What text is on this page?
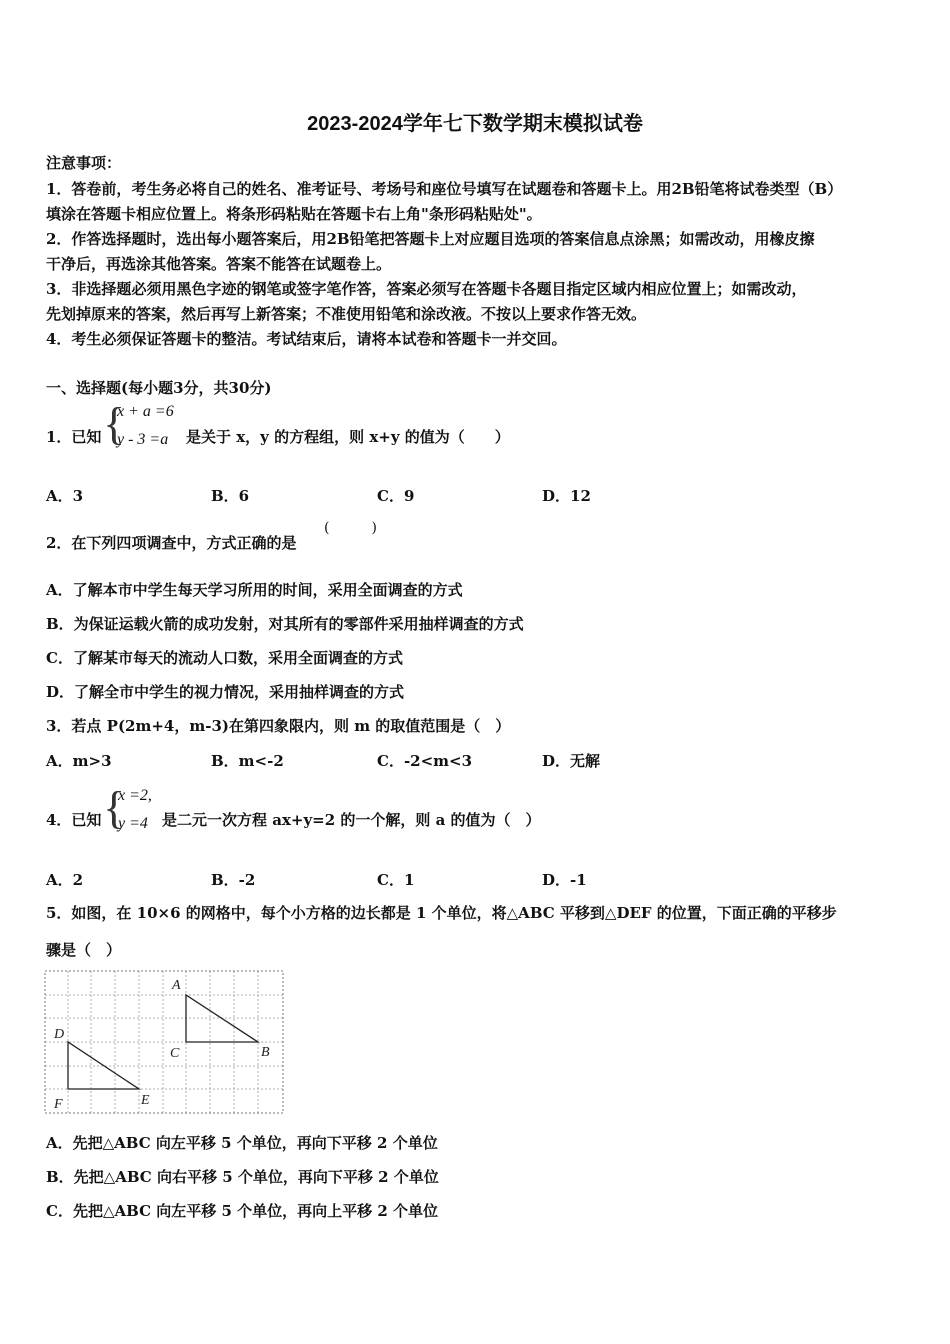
2023-2024学年七下数学期末模拟试卷
注意事项：
1．答卷前，考生务必将自己的姓名、准考证号、考场号和座位号填写在试题卷和答题卡上。用2B铅笔将试卷类型（B）
填涂在答题卡相应位置上。将条形码粘贴在答题卡右上角"条形码粘贴处"。
2．作答选择题时，选出每小题答案后，用2B铅笔把答题卡上对应题目选项的答案信息点涂黑；如需改动，用橡皮擦
干净后，再选涂其他答案。答案不能答在试题卷上。
3．非选择题必须用黑色字迹的钢笔或签字笔作答，答案必须写在答题卡各题目指定区域内相应位置上；如需改动，
先划掉原来的答案，然后再写上新答案；不准使用铅笔和涂改液。不按以上要求作答无效。
4．考生必须保证答题卡的整洁。考试结束后，请将本试卷和答题卡一并交回。
一、选择题(每小题3分，共30分)
1．已知 {
x + a =6
y - 3 =a 是关于 x，y 的方程组，则 x+y 的值为（　　）
A．3	B．6	C．9	D．12
2．在下列四项调查中，方式正确的是
(　　　)
A．了解本市中学生每天学习所用的时间，采用全面调查的方式
B．为保证运载火箭的成功发射，对其所有的零部件采用抽样调查的方式
C．了解某市每天的流动人口数，采用全面调查的方式
D．了解全市中学生的视力情况，采用抽样调查的方式
3．若点 P(2m+4，m-3)在第四象限内，则 m 的取值范围是（　）
A．m>3	B．m<-2	C．-2<m<3	D．无解
4．已知 {
x =2,
y =4 是二元一次方程 ax+y=2 的一个解，则 a 的值为（　）
A．2	B．-2	C．1	D．-1
5．如图，在 10×6 的网格中，每个小方格的边长都是 1 个单位，将△ABC 平移到△DEF 的位置，下面正确的平移步
骤是（　）
A
B
C
D
E
F
A．先把△ABC 向左平移 5 个单位，再向下平移 2 个单位
B．先把△ABC 向右平移 5 个单位，再向下平移 2 个单位
C．先把△ABC 向左平移 5 个单位，再向上平移 2 个单位
